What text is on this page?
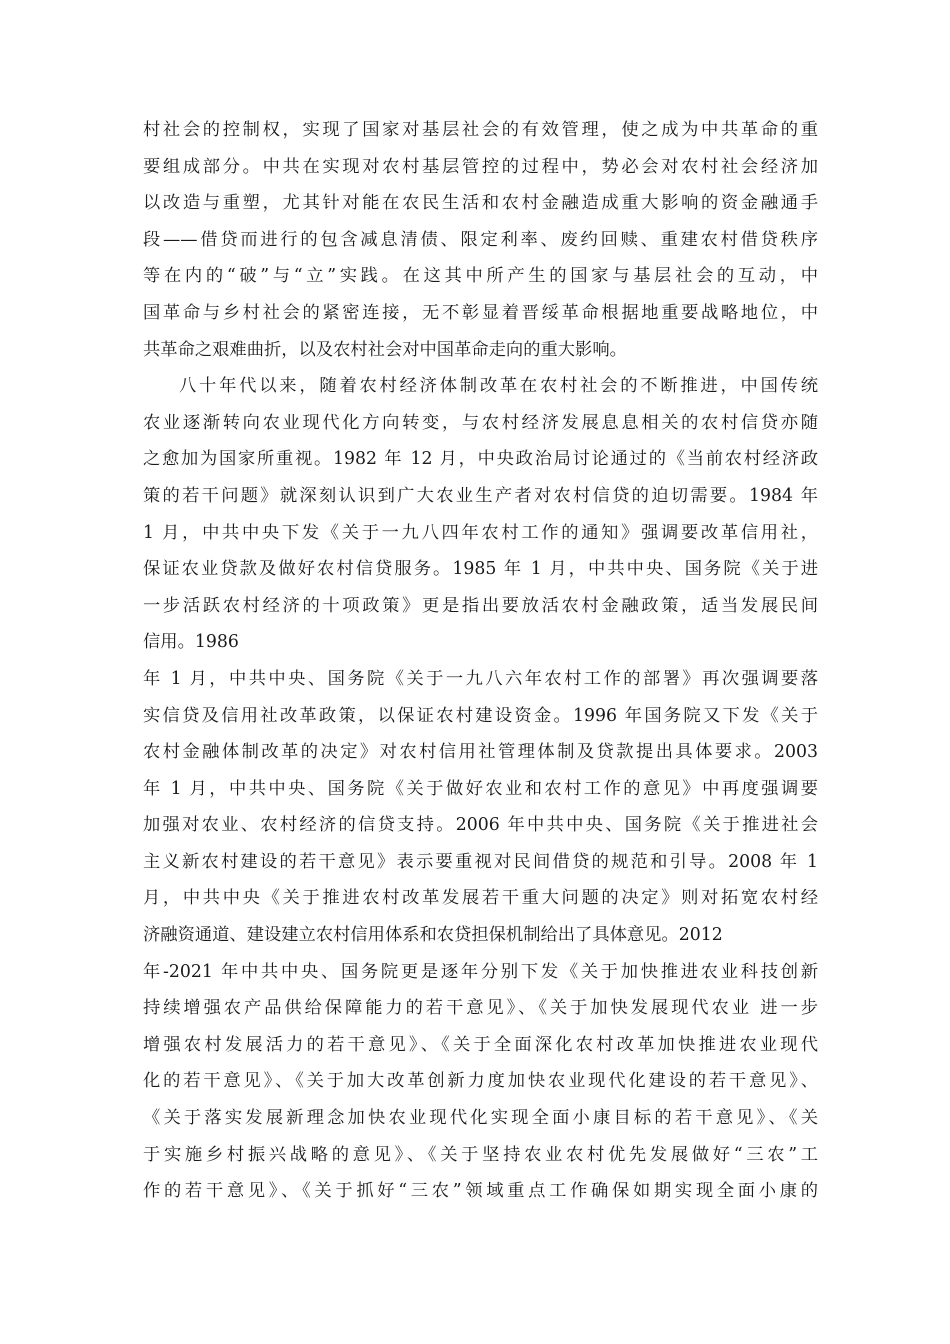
村社会的控制权，实现了国家对基层社会的有效管理，使之成为中共革命的重
要组成部分。中共在实现对农村基层管控的过程中，势必会对农村社会经济加
以改造与重塑，尤其针对能在农民生活和农村金融造成重大影响的资金融通手
段——借贷而进行的包含减息清债、限定利率、废约回赎、重建农村借贷秩序
等在内的“破”与“立”实践。在这其中所产生的国家与基层社会的互动，中
国革命与乡村社会的紧密连接，无不彰显着晋绥革命根据地重要战略地位，中
共革命之艰难曲折，以及农村社会对中国革命走向的重大影响。
八十年代以来，随着农村经济体制改革在农村社会的不断推进，中国传统
农业逐渐转向农业现代化方向转变，与农村经济发展息息相关的农村信贷亦随
之愈加为国家所重视。1982 年 12 月，中央政治局讨论通过的《当前农村经济政
策的若干问题》就深刻认识到广大农业生产者对农村信贷的迫切需要。1984 年
1 月，中共中央下发《关于一九八四年农村工作的通知》强调要改革信用社，
保证农业贷款及做好农村信贷服务。1985 年 1 月，中共中央、国务院《关于进
一步活跃农村经济的十项政策》更是指出要放活农村金融政策，适当发展民间
信用。1986
年 1 月，中共中央、国务院《关于一九八六年农村工作的部署》再次强调要落
实信贷及信用社改革政策，以保证农村建设资金。1996 年国务院又下发《关于
农村金融体制改革的决定》对农村信用社管理体制及贷款提出具体要求。2003
年 1 月，中共中央、国务院《关于做好农业和农村工作的意见》中再度强调要
加强对农业、农村经济的信贷支持。2006 年中共中央、国务院《关于推进社会
主义新农村建设的若干意见》表示要重视对民间借贷的规范和引导。2008 年 1
月，中共中央《关于推进农村改革发展若干重大问题的决定》则对拓宽农村经
济融资通道、建设建立农村信用体系和农贷担保机制给出了具体意见。2012
年-2021 年中共中央、国务院更是逐年分别下发《关于加快推进农业科技创新
持续增强农产品供给保障能力的若干意见》、《关于加快发展现代农业 进一步
增强农村发展活力的若干意见》、《关于全面深化农村改革加快推进农业现代
化的若干意见》、《关于加大改革创新力度加快农业现代化建设的若干意见》、
《关于落实发展新理念加快农业现代化实现全面小康目标的若干意见》、《关
于实施乡村振兴战略的意见》、《关于坚持农业农村优先发展做好“三农”工
作的若干意见》、《关于抓好“三农”领域重点工作确保如期实现全面小康的
